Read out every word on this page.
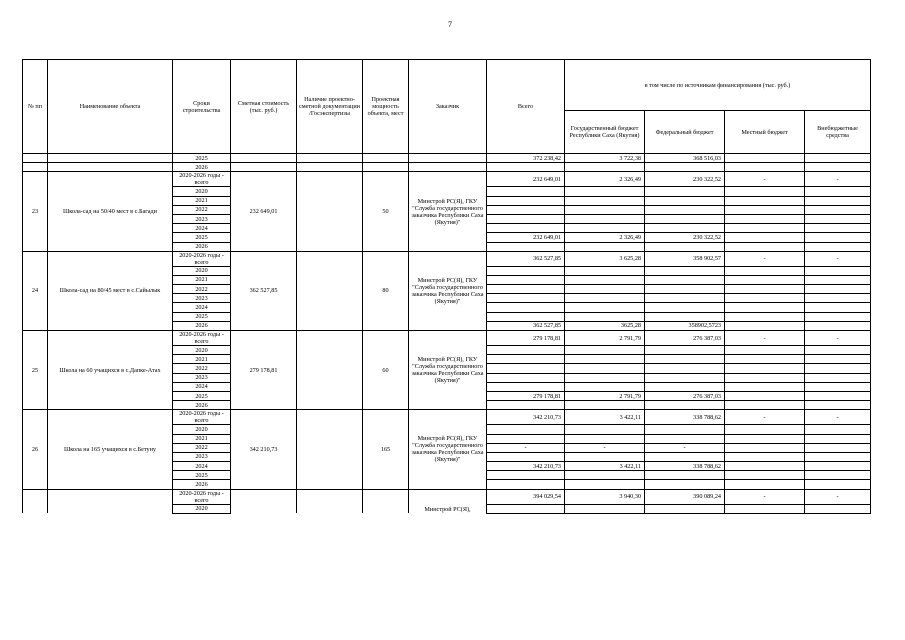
7
№ пп	Наименование объекта	Сроки строительства	Сметная стоимость (тыс. руб.)	Наличие проектно-сметной документации /Госэкспертизы	Проектная мощность объекта, мест	Заказчик	Всего	в том числе по источникам финансирования (тыс. руб.)			
								Государственный бюджет Республики Саха (Якутия)	Федеральный бюджет	Местный бюджет	Внебюджетные средства
		2025					372 238,42	3 722,38	368 516,03		
		2026									
23	Школа-сад на 50/40 мест в с.Багади	2020-2026 годы - всего	232 649,01		50	Минстрой РС(Я), ГКУ "Служба государственного заказчика Республики Саха (Якутия)"	232 649,01	2 326,49	230 322,52	-	-
		2020									
		2021									
		2022									
		2023									
		2024									
		2025					232 649,01	2 326,49	230 322,52		
		2026									
24	Школа-сад на 80/45 мест в с.Сайылык	2020-2026 годы - всего	362 527,85		80	Минстрой РС(Я), ГКУ "Служба государственного заказчика Республики Саха (Якутия)"	362 527,85	3 625,28	358 902,57	-	-
		2020									
		2021									
		2022									
		2023									
		2024									
		2025									
		2026					362 527,85	3625,28	358902,5723		
25	Школа на 60 учащихся в с.Дапке-Атах	2020-2026 годы - всего	279 178,81		60	Минстрой РС(Я), ГКУ "Служба государственного заказчика Республики Саха (Якутия)"	279 178,81	2 791,79	276 387,03	-	-
		2020									
		2021									
		2022									
		2023									
		2024									
		2025					279 178,81	2 791,79	276 387,03		
		2026									
26	Школа на 165 учащихся в с.Бетуну	2020-2026 годы - всего	342 210,73		165	Минстрой РС(Я), ГКУ "Служба государственного заказчика Республики Саха (Якутия)"	342 210,73	3 422,11	338 788,62	-	-
		2020									
		2021									
		2022					-	-	-		
		2023									
		2024					342 210,73	3 422,11	338 788,62		
		2025									
		2026									
		2020-2026 годы - всего				Минстрой РС(Я),	394 029,54	3 940,30	390 089,24	-	-
		2020									
